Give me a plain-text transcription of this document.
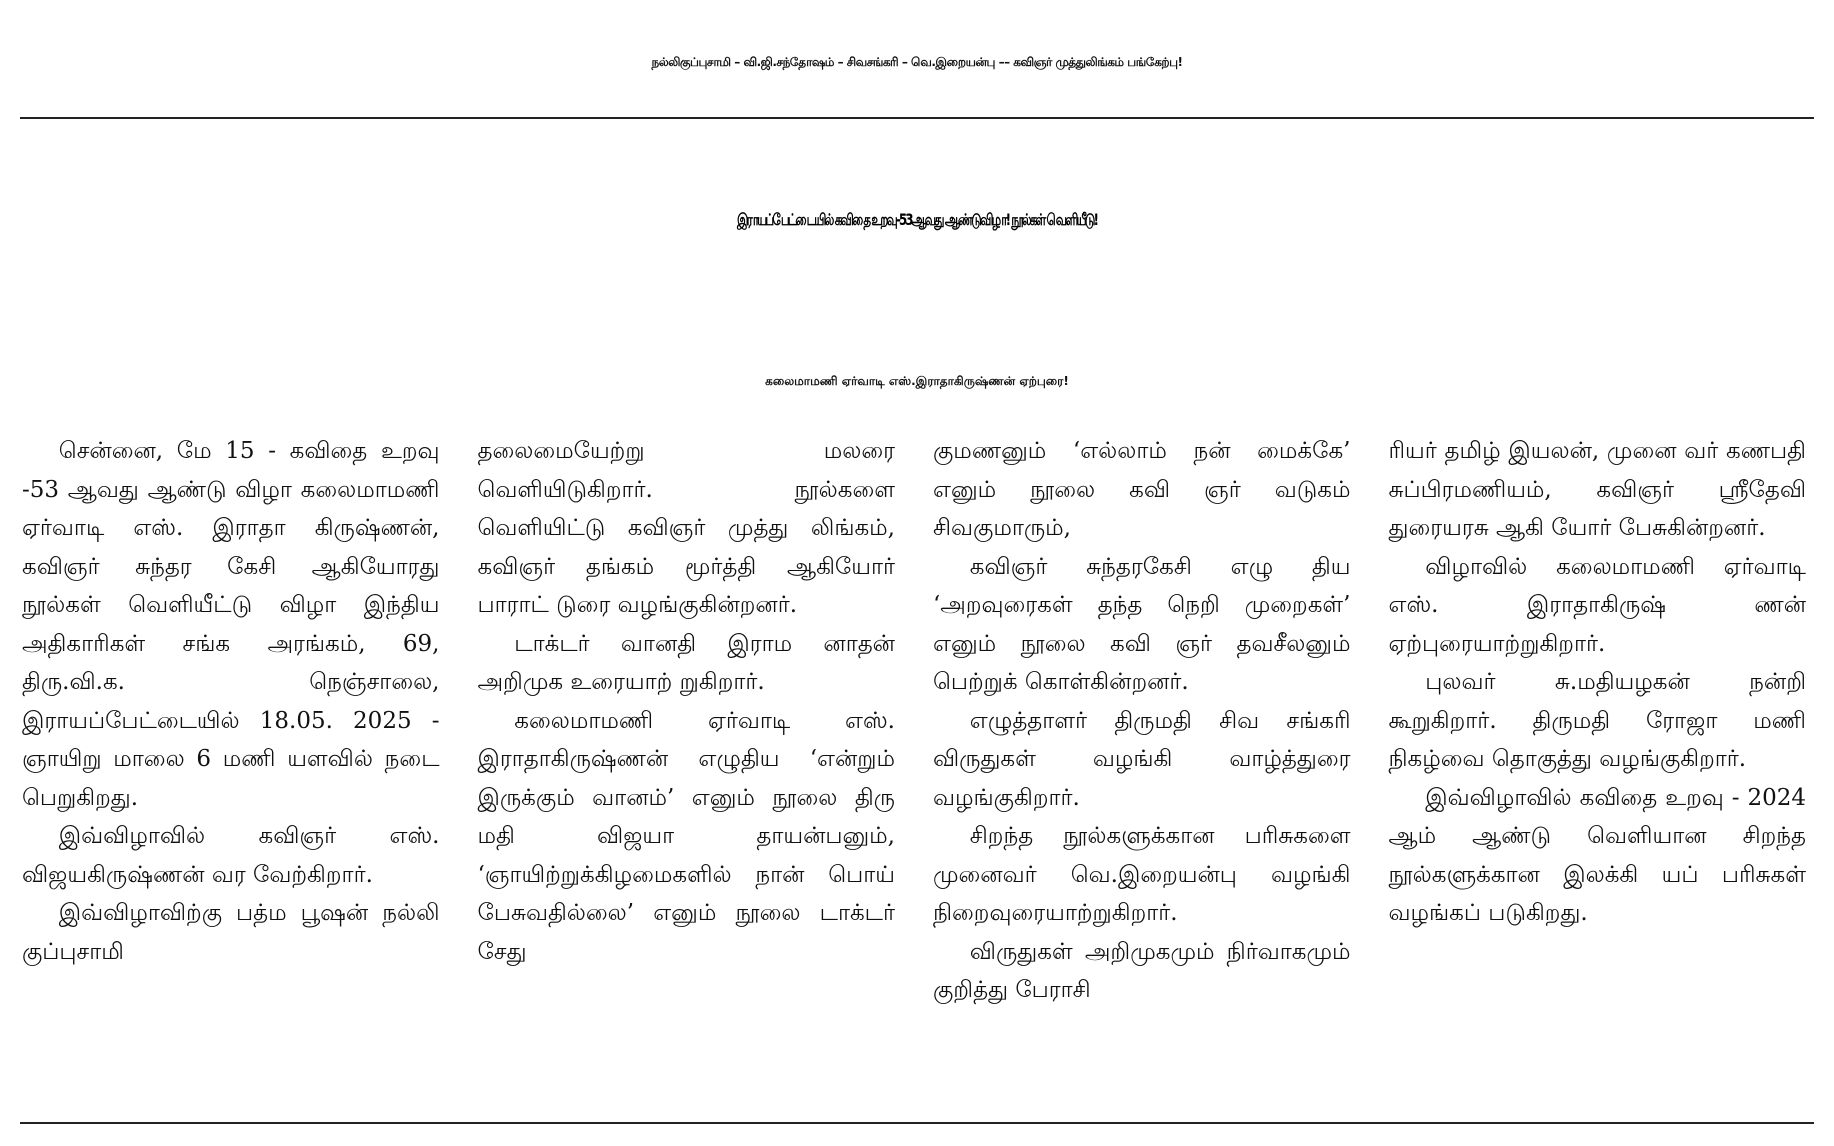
நல்லிகுப்புசாமி – வி.ஜி.சந்தோஷம் – சிவசங்கரி – வெ.இறையன்பு –– கவிஞர் முத்துலிங்கம் பங்கேற்பு!
இராயப்பேட்டையில் கவிதை உறவு-53ஆவது ஆண்டுவிழா! நூல்கள் வெளியீடு!
கலைமாமணி ஏர்வாடி எஸ்.இராதாகிருஷ்ணன் ஏற்புரை!

சென்னை, மே 15 - கவிதை உறவு -53 ஆவது ஆண்டு விழா கலைமாமணி ஏர்வாடி எஸ். இராதா கிருஷ்ணன், கவிஞர் சுந்தர கேசி ஆகியோரது நூல்கள் வெளியீட்டு விழா இந்திய அதிகாரிகள் சங்க அரங்கம், 69, திரு.வி.க. நெஞ்சாலை, இராயப்பேட்டையில் 18.05. 2025 - ஞாயிறு மாலை 6 மணி யளவில் நடை பெறுகிறது.

இவ்விழாவில் கவிஞர் எஸ். விஜயகிருஷ்ணன் வர வேற்கிறார்.

இவ்விழாவிற்கு பத்ம பூஷன் நல்லி குப்புசாமி

தலைமையேற்று மலரை வெளியிடுகிறார். நூல்களை வெளியிட்டு கவிஞர் முத்து லிங்கம், கவிஞர் தங்கம் மூர்த்தி ஆகியோர் பாராட் டுரை வழங்குகின்றனர்.

டாக்டர் வானதி இராம னாதன் அறிமுக உரையாற் றுகிறார்.

கலைமாமணி ஏர்வாடி எஸ். இராதாகிருஷ்ணன் எழுதிய ‘என்றும் இருக்கும் வானம்’ எனும் நூலை திரு மதி விஜயா தாயன்பனும், ‘ஞாயிற்றுக்கிழமைகளில் நான் பொய் பேசுவதில்லை’ எனும் நூலை டாக்டர் சேது

குமணனும் ‘எல்லாம் நன் மைக்கே’ எனும் நூலை கவி ஞர் வடுகம் சிவகுமாரும்,

கவிஞர் சுந்தரகேசி எழு திய ‘அறவுரைகள் தந்த நெறி முறைகள்’ எனும் நூலை கவி ஞர் தவசீலனும் பெற்றுக் கொள்கின்றனர்.

எழுத்தாளர் திருமதி சிவ சங்கரி விருதுகள் வழங்கி வாழ்த்துரை வழங்குகிறார்.

சிறந்த நூல்களுக்கான பரிசுகளை முனைவர் வெ.இறையன்பு வழங்கி நிறைவுரையாற்றுகிறார்.

விருதுகள் அறிமுகமும் நிர்வாகமும் குறித்து பேராசி

ரியர் தமிழ் இயலன், முனை வர் கணபதி சுப்பிரமணியம், கவிஞர் ஸ்ரீதேவி துரையரசு ஆகி யோர் பேசுகின்றனர்.

விழாவில் கலைமாமணி ஏர்வாடி எஸ். இராதாகிருஷ் ணன் ஏற்புரையாற்றுகிறார்.

புலவர் சு.மதியழகன் நன்றி கூறுகிறார். திருமதி ரோஜா மணி நிகழ்வை தொகுத்து வழங்குகிறார்.

இவ்விழாவில் கவிதை உறவு - 2024 ஆம் ஆண்டு வெளியான சிறந்த நூல்களுக்கான இலக்கி யப் பரிசுகள் வழங்கப் படுகிறது.
